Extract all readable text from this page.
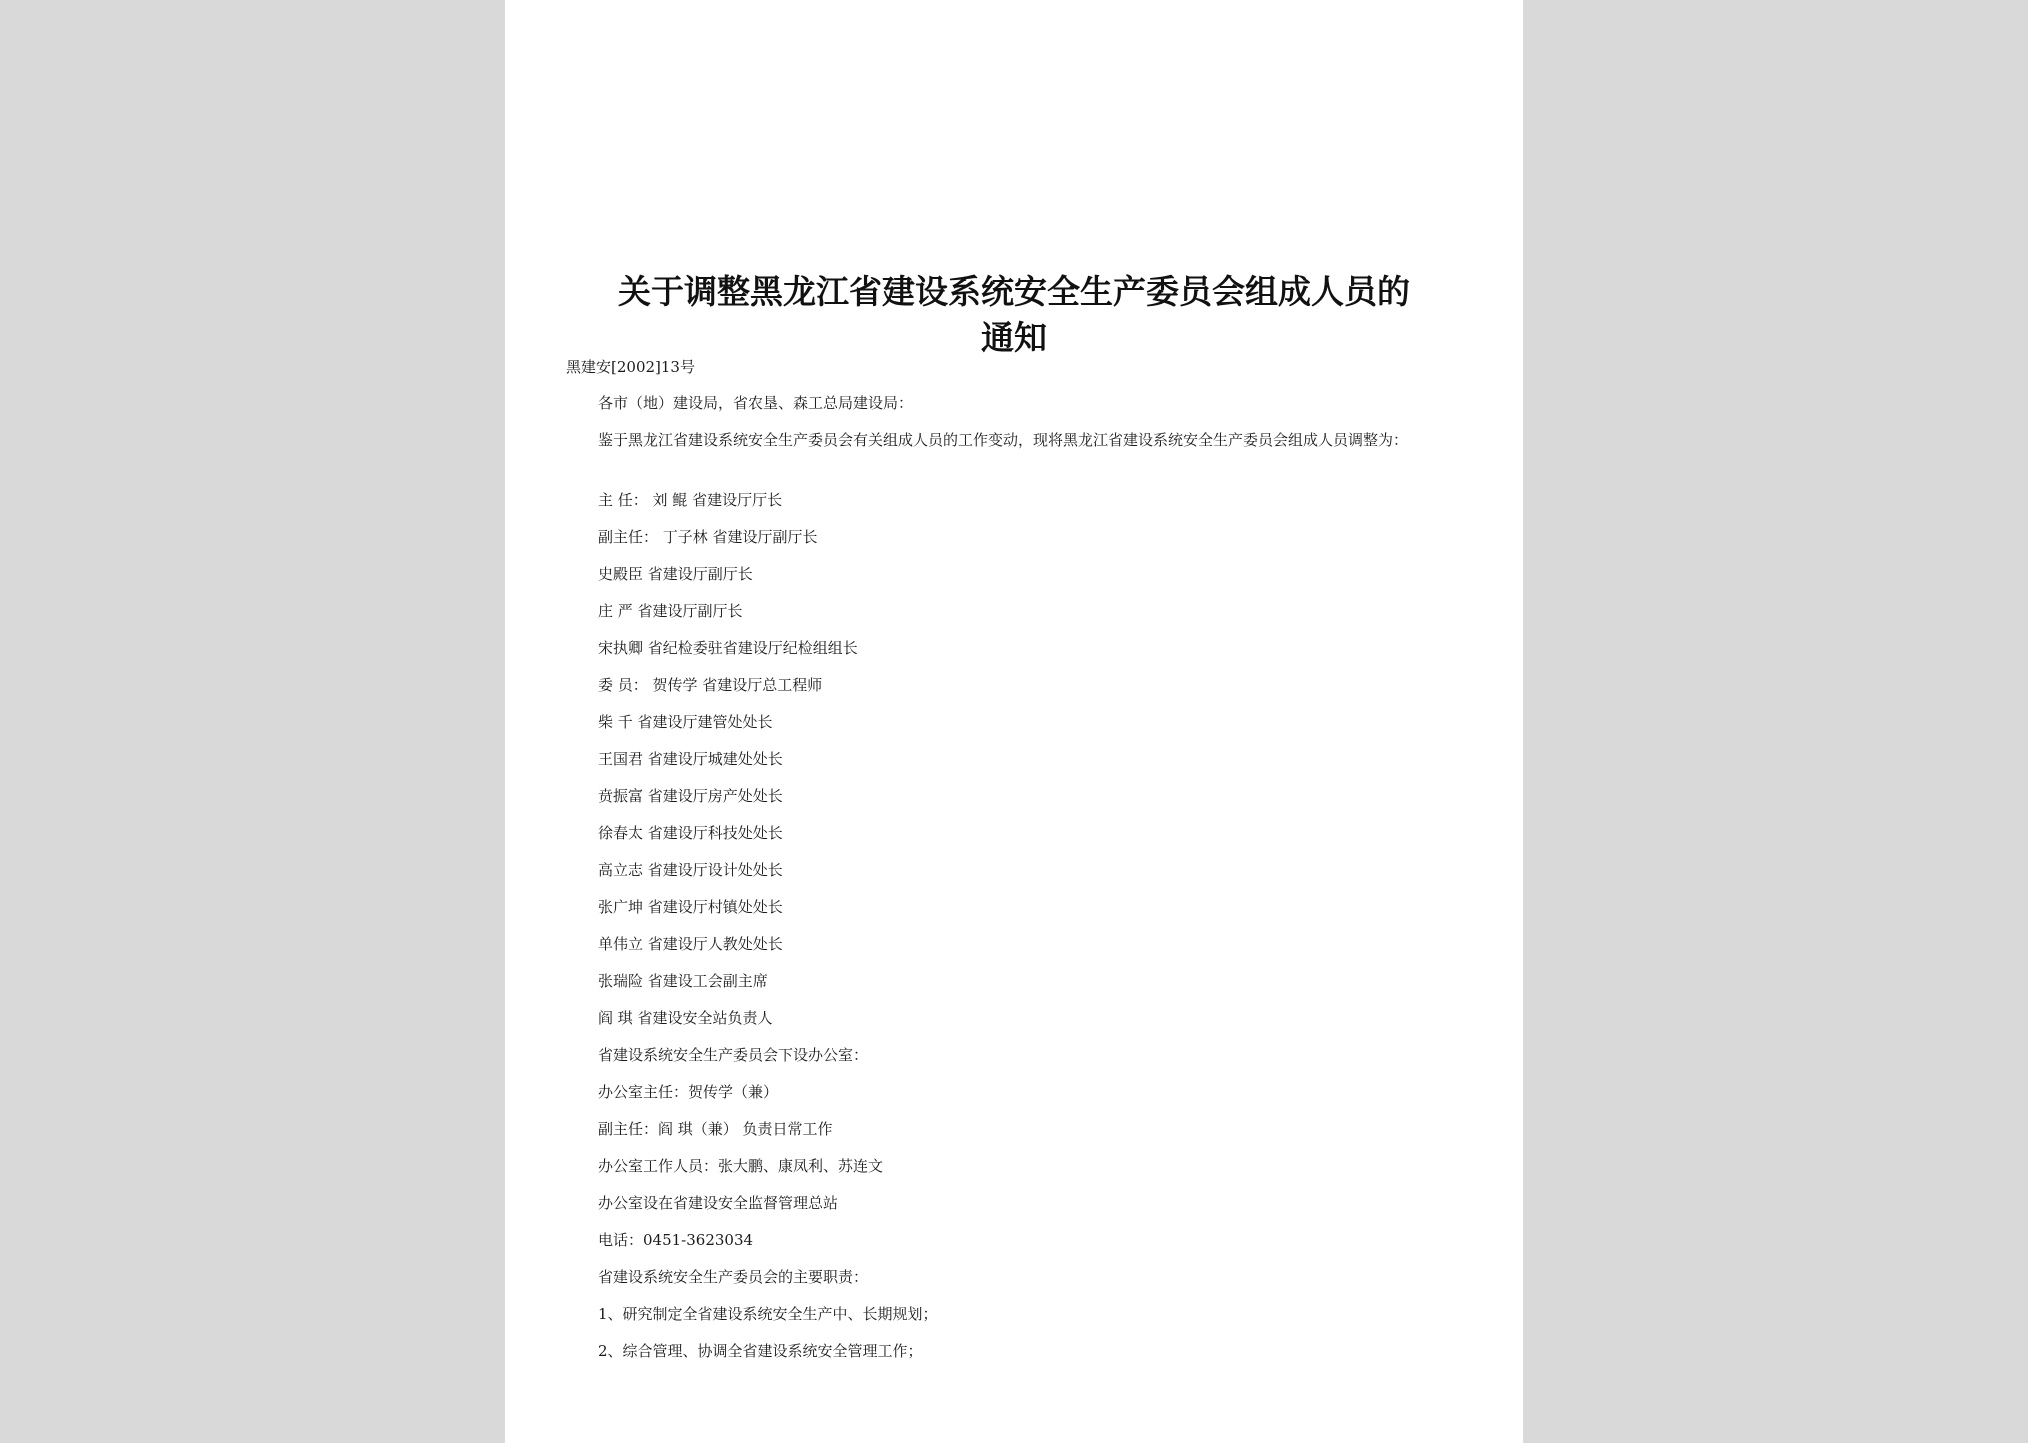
关于调整黑龙江省建设系统安全生产委员会组成人员的
通知
黑建安[2002]13号
各市（地）建设局，省农垦、森工总局建设局：

鉴于黑龙江省建设系统安全生产委员会有关组成人员的工作变动，现将黑龙江省建设系统安全生产委员会组成人员调整为：

主 任： 刘 鲲 省建设厅厅长
副主任： 丁子林 省建设厅副厅长
史殿臣 省建设厅副厅长
庄 严 省建设厅副厅长
宋执卿 省纪检委驻省建设厅纪检组组长
委 员： 贺传学 省建设厅总工程师
柴 千 省建设厅建管处处长
王国君 省建设厅城建处处长
贲振富 省建设厅房产处处长
徐春太 省建设厅科技处处长
高立志 省建设厅设计处处长
张广坤 省建设厅村镇处处长
单伟立 省建设厅人教处处长
张瑞险 省建设工会副主席
阎 琪 省建设安全站负责人
省建设系统安全生产委员会下设办公室：
办公室主任：贺传学（兼）
副主任：阎 琪（兼） 负责日常工作
办公室工作人员：张大鹏、康凤利、苏连文
办公室设在省建设安全监督管理总站
电话：0451-3623034
省建设系统安全生产委员会的主要职责：
1、研究制定全省建设系统安全生产中、长期规划；
2、综合管理、协调全省建设系统安全管理工作；
